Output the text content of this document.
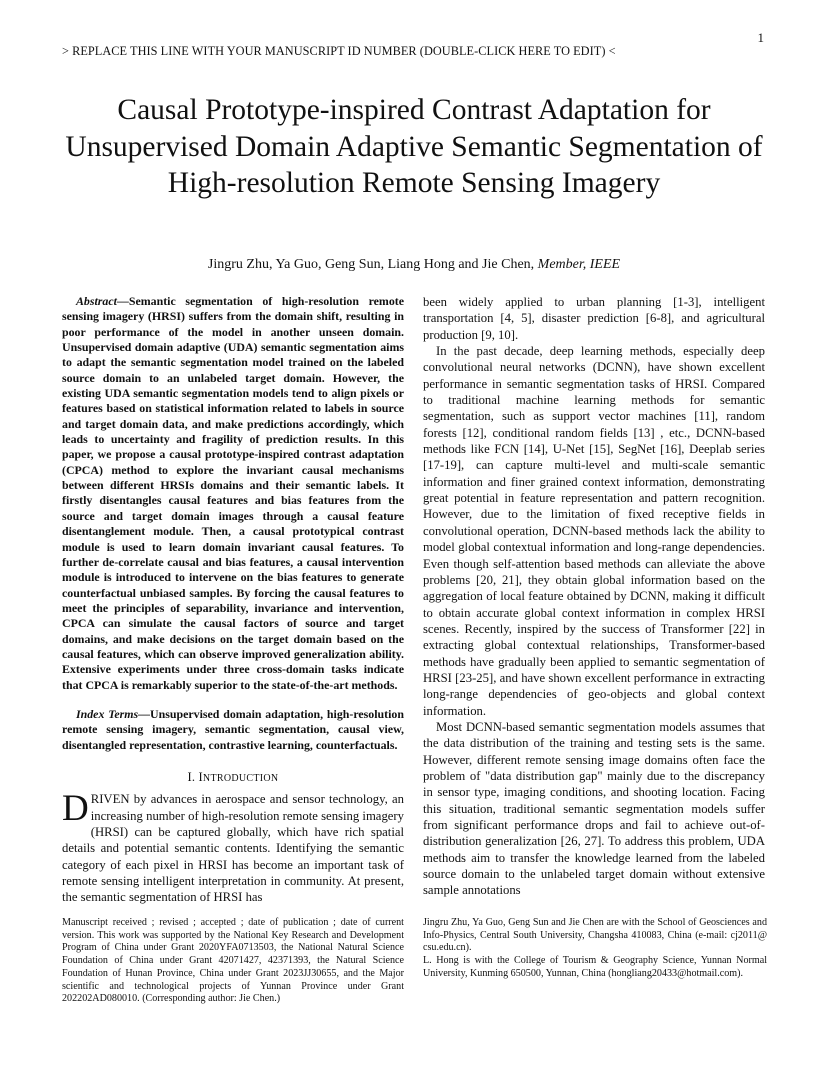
1
> REPLACE THIS LINE WITH YOUR MANUSCRIPT ID NUMBER (DOUBLE-CLICK HERE TO EDIT) <
Causal Prototype-inspired Contrast Adaptation for Unsupervised Domain Adaptive Semantic Segmentation of High-resolution Remote Sensing Imagery
Jingru Zhu, Ya Guo, Geng Sun, Liang Hong and Jie Chen, Member, IEEE

Abstract—Semantic segmentation of high-resolution remote sensing imagery (HRSI) suffers from the domain shift, resulting in poor performance of the model in another unseen domain. Unsupervised domain adaptive (UDA) semantic segmentation aims to adapt the semantic segmentation model trained on the labeled source domain to an unlabeled target domain. However, the existing UDA semantic segmentation models tend to align pixels or features based on statistical information related to labels in source and target domain data, and make predictions accordingly, which leads to uncertainty and fragility of prediction results. In this paper, we propose a causal prototype-inspired contrast adaptation (CPCA) method to explore the invariant causal mechanisms between different HRSIs domains and their semantic labels. It firstly disentangles causal features and bias features from the source and target domain images through a causal feature disentanglement module. Then, a causal prototypical contrast module is used to learn domain invariant causal features. To further de-correlate causal and bias features, a causal intervention module is introduced to intervene on the bias features to generate counterfactual unbiased samples. By forcing the causal features to meet the principles of separability, invariance and intervention, CPCA can simulate the causal factors of source and target domains, and make decisions on the target domain based on the causal features, which can observe improved generalization ability. Extensive experiments under three cross-domain tasks indicate that CPCA is remarkably superior to the state-of-the-art methods.

Index Terms—Unsupervised domain adaptation, high-resolution remote sensing imagery, semantic segmentation, causal view, disentangled representation, contrastive learning, counterfactuals.

I. INTRODUCTION

DRIVEN by advances in aerospace and sensor technology, an increasing number of high-resolution remote sensing imagery (HRSI) can be captured globally, which have rich spatial details and potential semantic contents. Identifying the semantic category of each pixel in HRSI has become an important task of remote sensing intelligent interpretation in community. At present, the semantic segmentation of HRSI has

been widely applied to urban planning [1-3], intelligent transportation [4, 5], disaster prediction [6-8], and agricultural production [9, 10].

In the past decade, deep learning methods, especially deep convolutional neural networks (DCNN), have shown excellent performance in semantic segmentation tasks of HRSI. Compared to traditional machine learning methods for semantic segmentation, such as support vector machines [11], random forests [12], conditional random fields [13] , etc., DCNN-based methods like FCN [14], U-Net [15], SegNet [16], Deeplab series [17-19], can capture multi-level and multi-scale semantic information and finer grained context information, demonstrating great potential in feature representation and pattern recognition. However, due to the limitation of fixed receptive fields in convolutional operation, DCNN-based methods lack the ability to model global contextual information and long-range dependencies. Even though self-attention based methods can alleviate the above problems [20, 21], they obtain global information based on the aggregation of local feature obtained by DCNN, making it difficult to obtain accurate global context information in complex HRSI scenes. Recently, inspired by the success of Transformer [22] in extracting global contextual relationships, Transformer-based methods have gradually been applied to semantic segmentation of HRSI [23-25], and have shown excellent performance in extracting long-range dependencies of geo-objects and global context information.

Most DCNN-based semantic segmentation models assumes that the data distribution of the training and testing sets is the same. However, different remote sensing image domains often face the problem of "data distribution gap" mainly due to the discrepancy in sensor type, imaging conditions, and shooting location. Facing this situation, traditional semantic segmentation models suffer from significant performance drops and fail to achieve out-of-distribution generalization [26, 27]. To address this problem, UDA methods aim to transfer the knowledge learned from the labeled source domain to the unlabeled target domain without extensive sample annotations

Manuscript received ; revised ; accepted ; date of publication ; date of current version. This work was supported by the National Key Research and Development Program of China under Grant 2020YFA0713503, the National Natural Science Foundation of China under Grant 42071427, 42371393, the Natural Science Foundation of Hunan Province, China under Grant 2023JJ30655, and the Major scientific and technological projects of Yunnan Province under Grant 202202AD080010. (Corresponding author: Jie Chen.)

Jingru Zhu, Ya Guo, Geng Sun and Jie Chen are with the School of Geosciences and Info-Physics, Central South University, Changsha 410083, China (e-mail: cj2011@ csu.edu.cn).

L. Hong is with the College of Tourism & Geography Science, Yunnan Normal University, Kunming 650500, Yunnan, China (hongliang20433@hotmail.com).
